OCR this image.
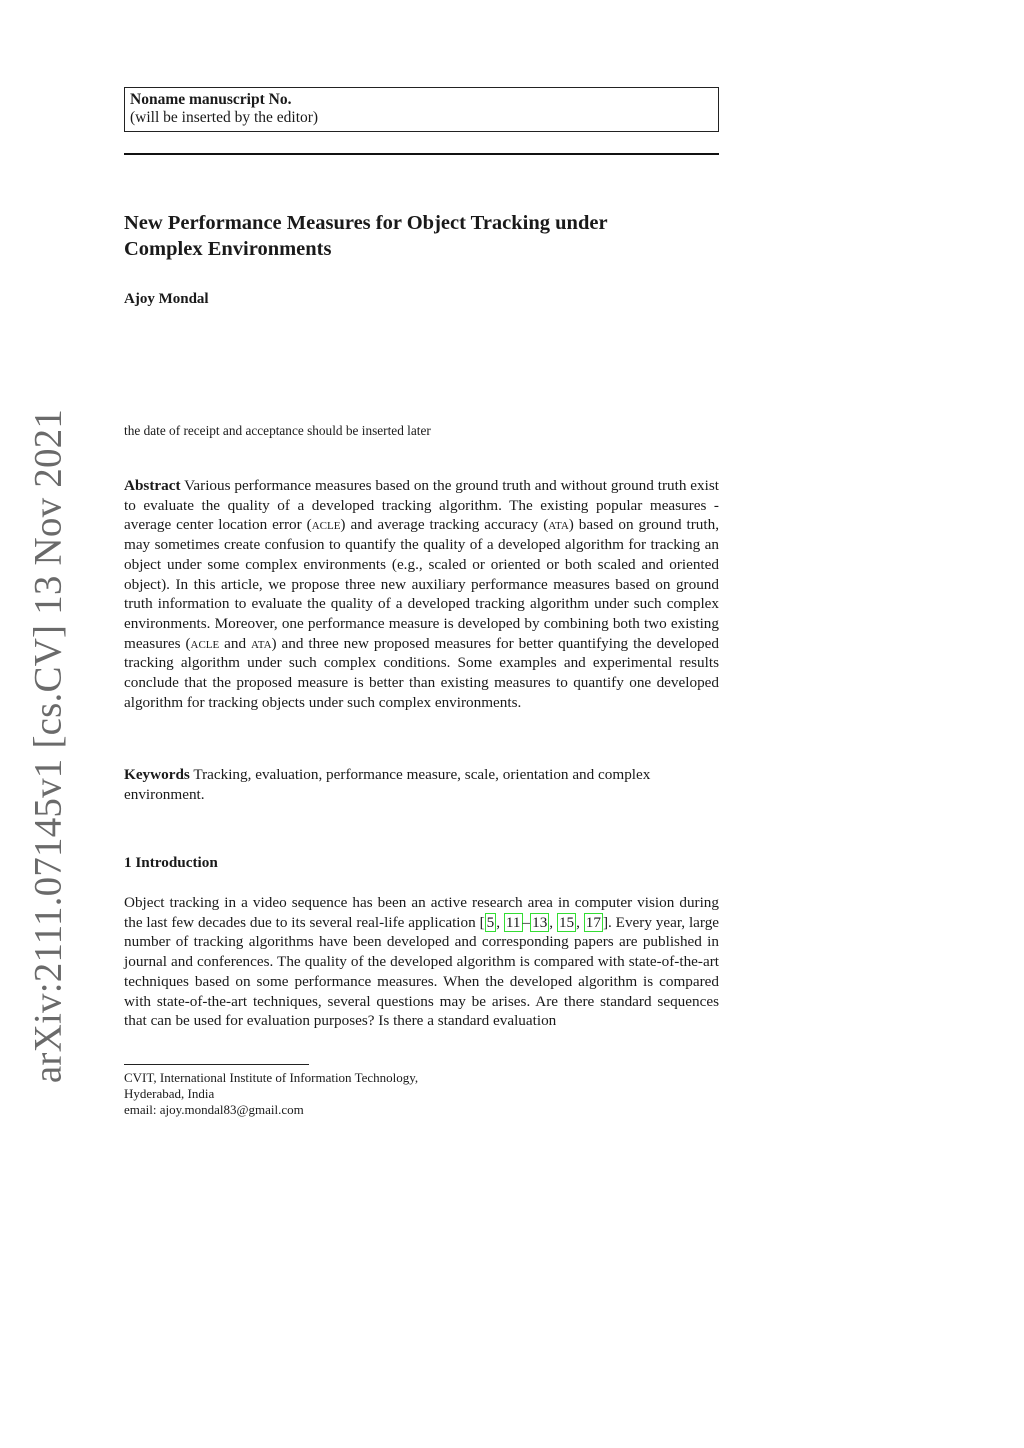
arXiv:2111.07145v1 [cs.CV] 13 Nov 2021
Noname manuscript No.
(will be inserted by the editor)
New Performance Measures for Object Tracking under
Complex Environments
Ajoy Mondal
the date of receipt and acceptance should be inserted later

Abstract Various performance measures based on the ground truth and without ground truth exist to evaluate the quality of a developed tracking algorithm. The existing popular measures - average center location error (acle) and average tracking accuracy (ata) based on ground truth, may sometimes create confusion to quantify the quality of a developed algorithm for tracking an object under some complex environments (e.g., scaled or oriented or both scaled and oriented object). In this article, we propose three new auxiliary performance measures based on ground truth information to evaluate the quality of a developed tracking algorithm under such complex environments. Moreover, one performance measure is developed by combining both two existing measures (acle and ata) and three new proposed measures for better quantifying the developed tracking algorithm under such complex conditions. Some examples and experimental results conclude that the proposed measure is better than existing measures to quantify one developed algorithm for tracking objects under such complex environments.

Keywords Tracking, evaluation, performance measure, scale, orientation and complex environment.

1 Introduction

Object tracking in a video sequence has been an active research area in computer vision during the last few decades due to its several real-life application [ 5 , 11 – 13 , 15 , 17 ]. Every year, large number of tracking algorithms have been developed and corresponding papers are published in journal and conferences. The quality of the developed algorithm is compared with state-of-the-art techniques based on some performance measures. When the developed algorithm is compared with state-of-the-art techniques, several questions may be arises. Are there standard sequences that can be used for evaluation purposes? Is there a standard evaluation

CVIT, International Institute of Information Technology,
Hyderabad, India
email: ajoy.mondal83@gmail.com
